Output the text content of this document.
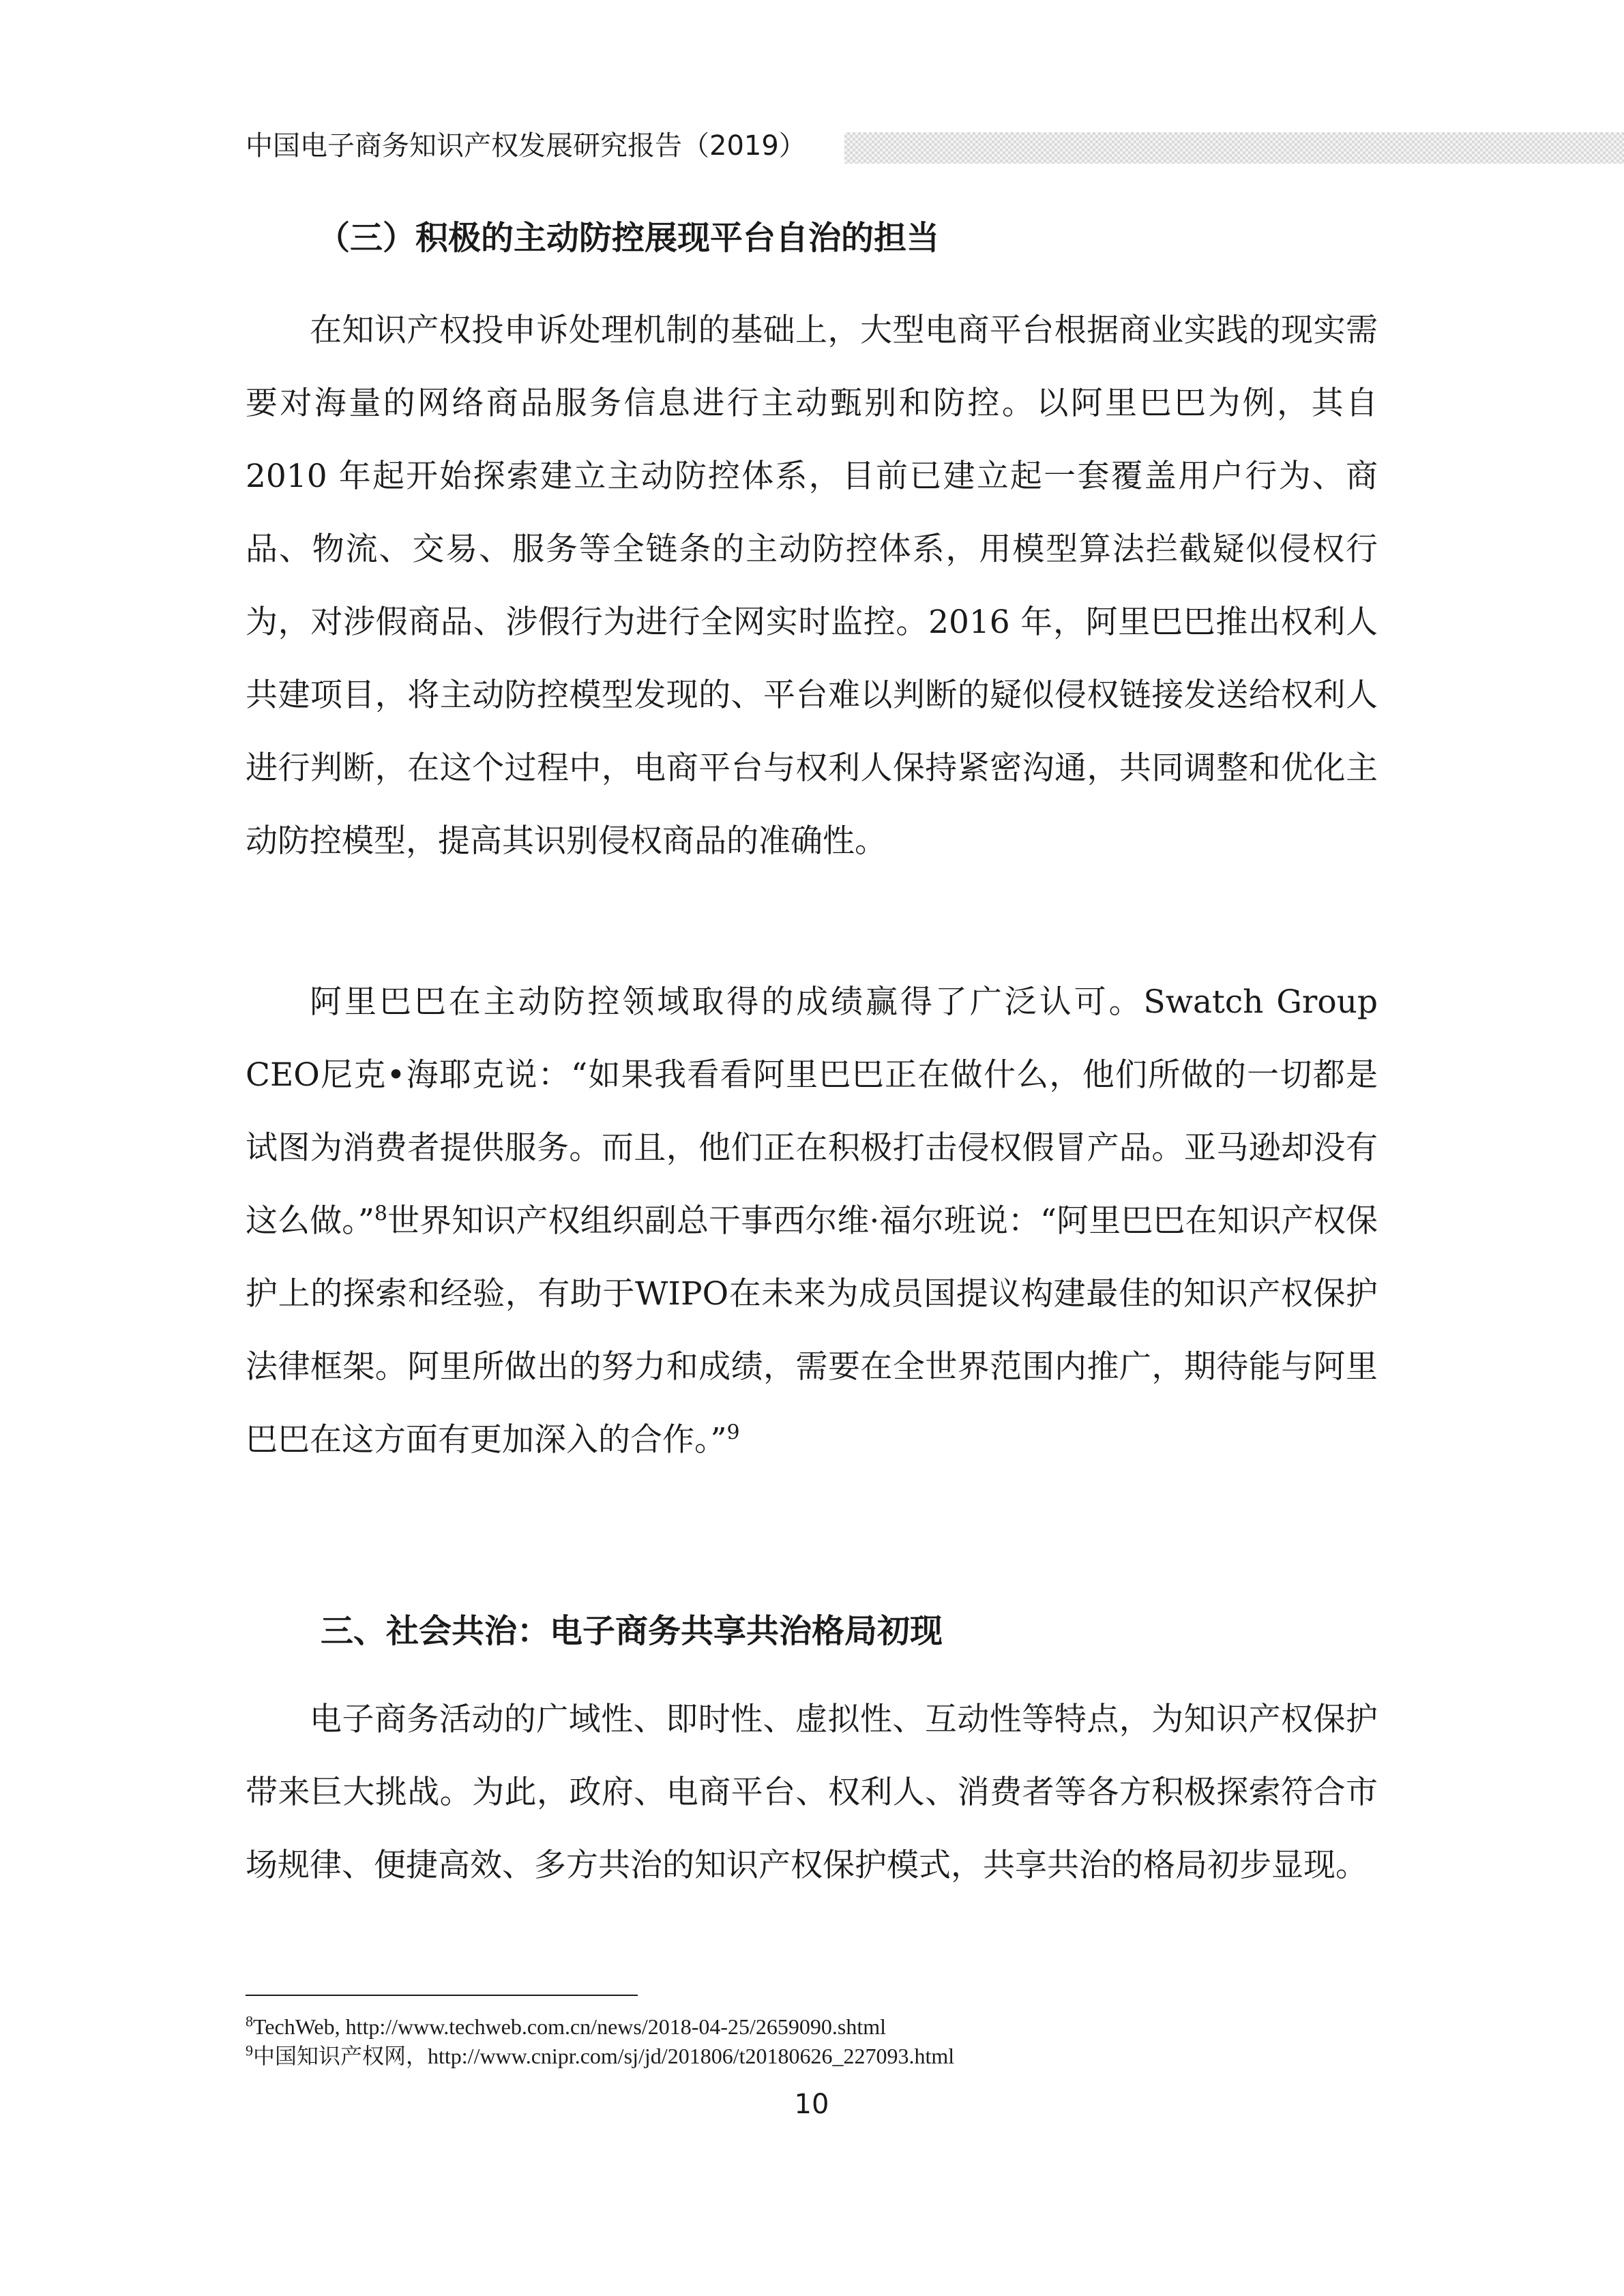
中国电子商务知识产权发展研究报告（2019）
（三）积极的主动防控展现平台自治的担当

在知识产权投申诉处理机制的基础上，大型电商平台根据商业实践的现实需要对海量的网络商品服务信息进行主动甄别和防控。以阿里巴巴为例，其自 2010 年起开始探索建立主动防控体系，目前已建立起一套覆盖用户行为、商品、物流、交易、服务等全链条的主动防控体系，用模型算法拦截疑似侵权行为，对涉假商品、涉假行为进行全网实时监控。2016 年，阿里巴巴推出权利人共建项目，将主动防控模型发现的、平台难以判断的疑似侵权链接发送给权利人进行判断，在这个过程中，电商平台与权利人保持紧密沟通，共同调整和优化主动防控模型，提高其识别侵权商品的准确性。

阿里巴巴在主动防控领域取得的成绩赢得了广泛认可。Swatch Group CEO尼克•海耶克说：“如果我看看阿里巴巴正在做什么，他们所做的一切都是试图为消费者提供服务。而且，他们正在积极打击侵权假冒产品。亚马逊却没有这么做。”$^8$世界知识产权组织副总干事西尔维·福尔班说：“阿里巴巴在知识产权保护上的探索和经验，有助于WIPO在未来为成员国提议构建最佳的知识产权保护法律框架。阿里所做出的努力和成绩，需要在全世界范围内推广，期待能与阿里巴巴在这方面有更加深入的合作。”$^9$

三、社会共治：电子商务共享共治格局初现

电子商务活动的广域性、即时性、虚拟性、互动性等特点，为知识产权保护带来巨大挑战。为此，政府、电商平台、权利人、消费者等各方积极探索符合市场规律、便捷高效、多方共治的知识产权保护模式，共享共治的格局初步显现。

$^8$TechWeb, http://www.techweb.com.cn/news/2018-04-25/2659090.shtml
$^9$中国知识产权网，http://www.cnipr.com/sj/jd/201806/t20180626_227093.html
10
